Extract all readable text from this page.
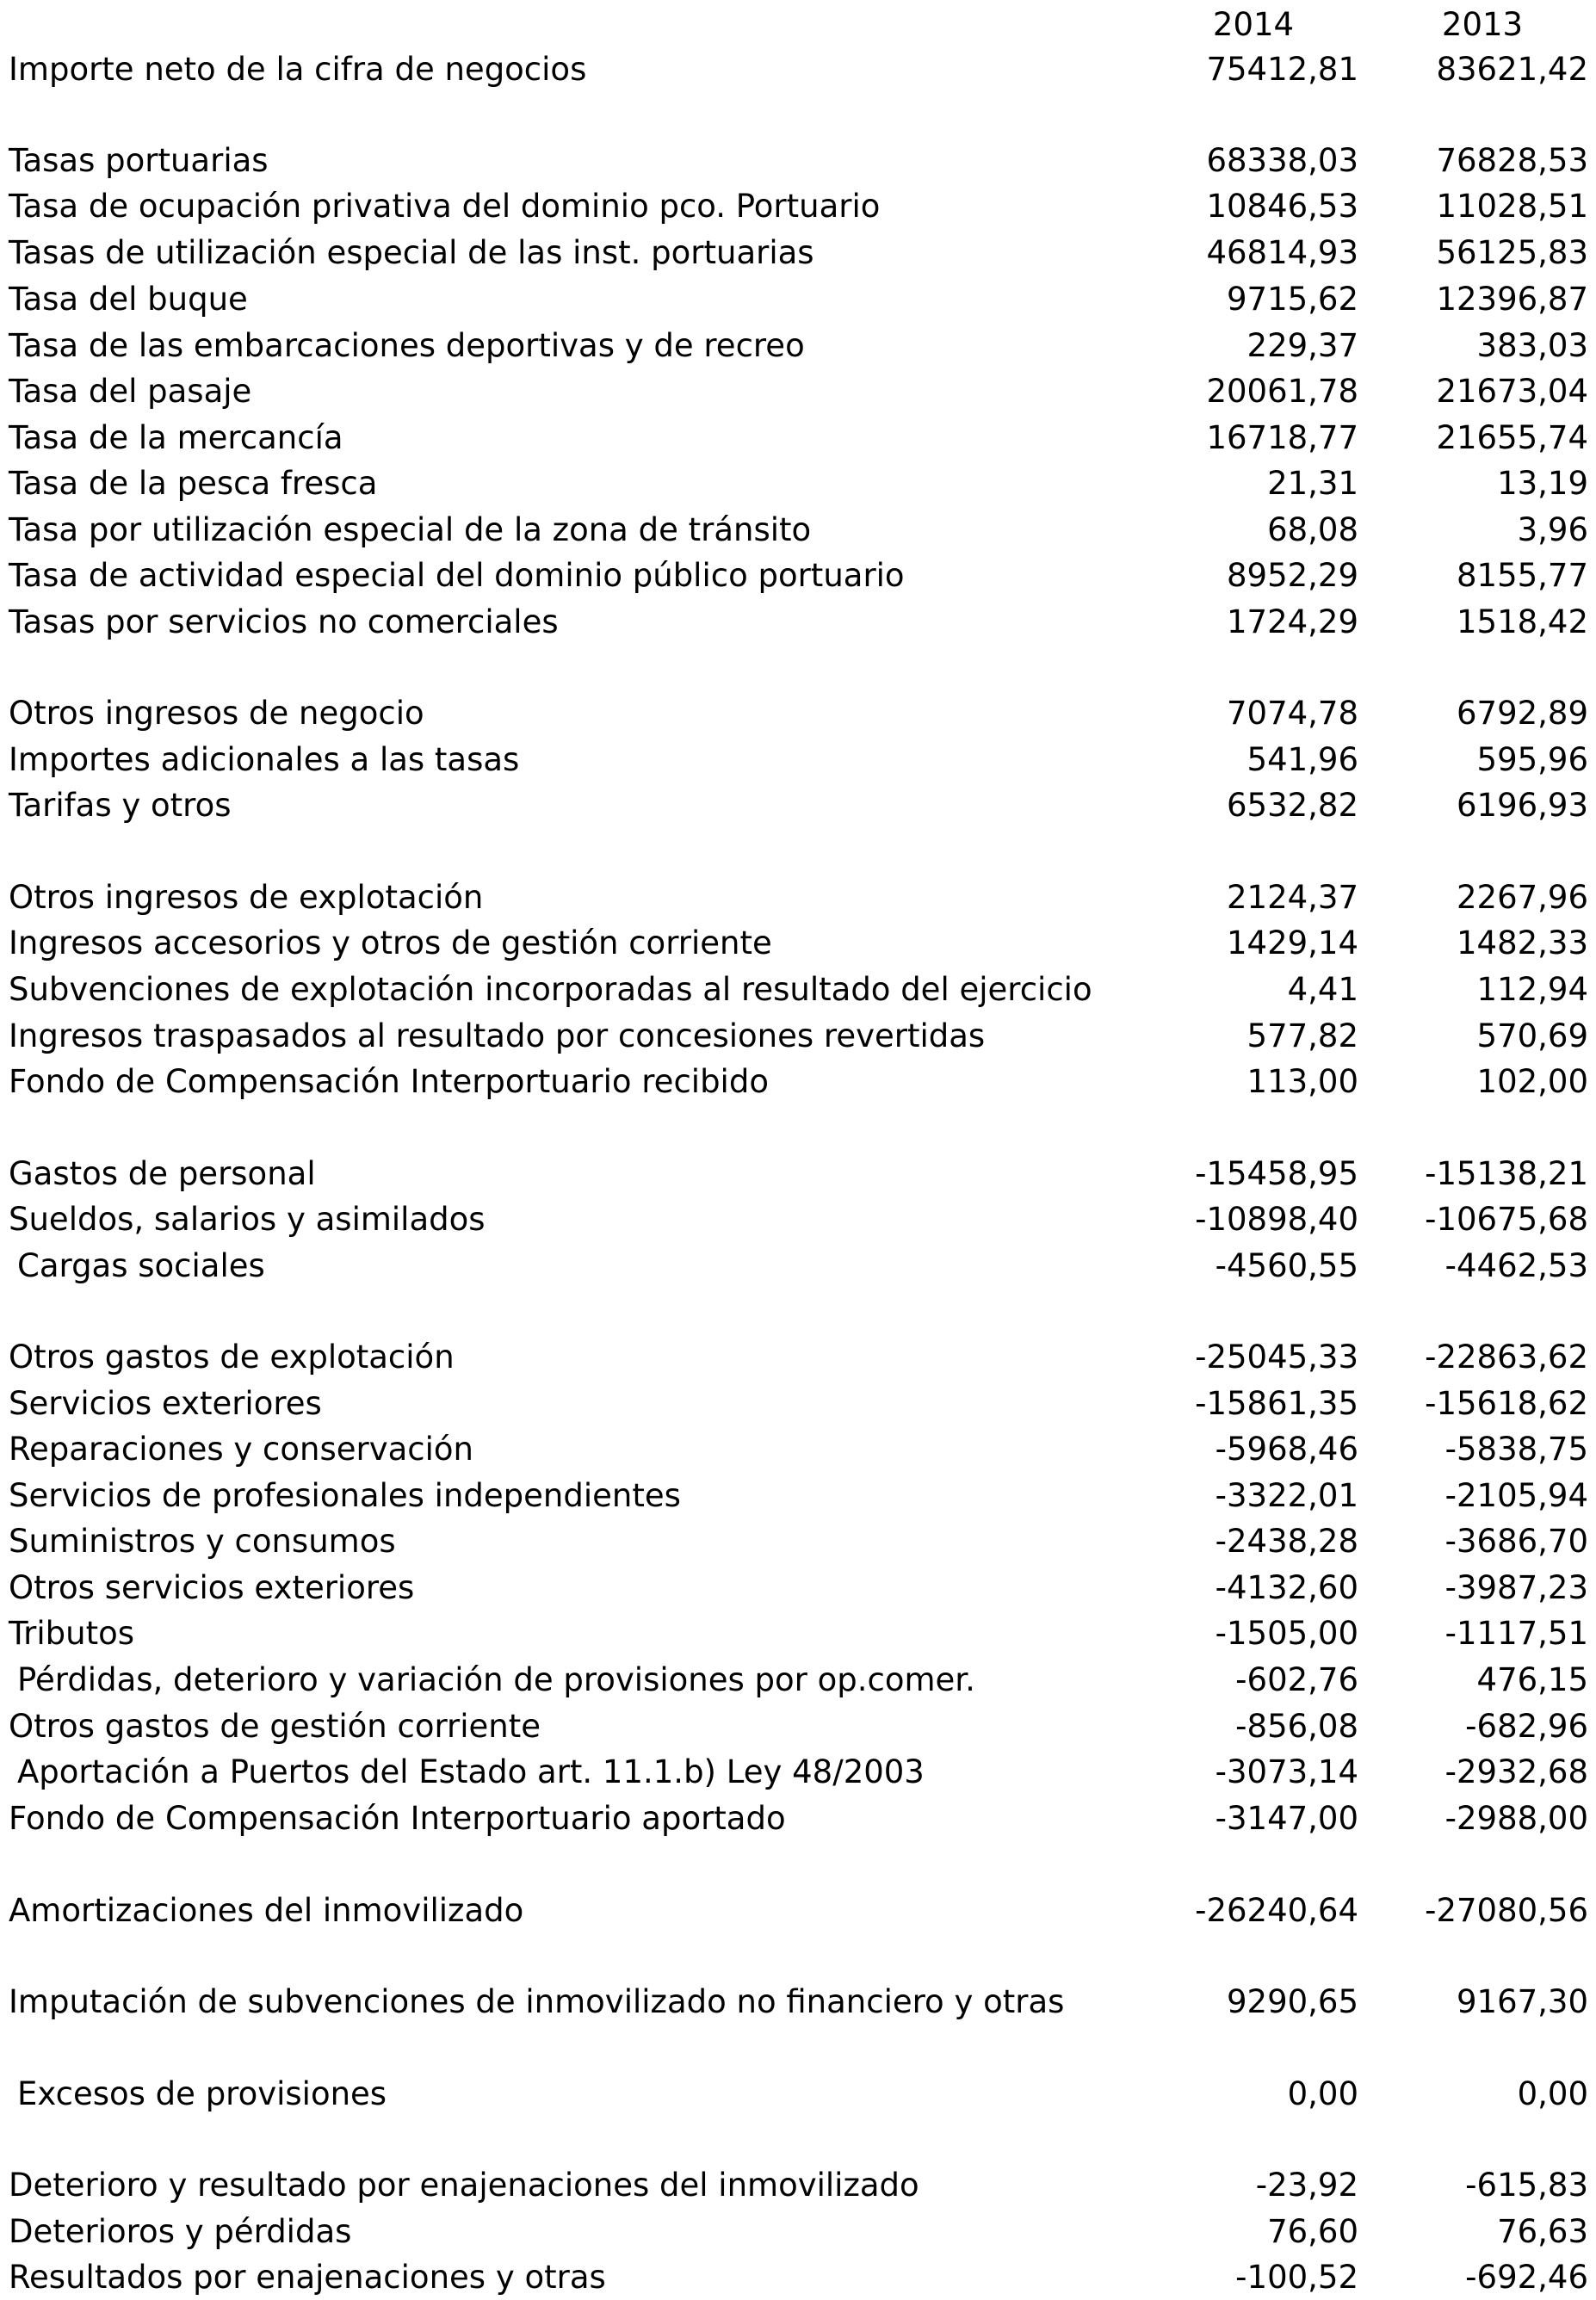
2014	2013
Importe neto de la cifra de negocios	75412,81	83621,42
Tasas portuarias	68338,03	76828,53
Tasa de ocupación privativa del dominio pco. Portuario	10846,53	11028,51
Tasas de utilización especial de las inst. portuarias	46814,93	56125,83
Tasa del buque	9715,62	12396,87
Tasa de las embarcaciones deportivas y de recreo	229,37	383,03
Tasa del pasaje	20061,78	21673,04
Tasa de la mercancía	16718,77	21655,74
Tasa de la pesca fresca	21,31	13,19
Tasa por utilización especial de la zona de tránsito	68,08	3,96
Tasa de actividad especial del dominio público portuario	8952,29	8155,77
Tasas por servicios no comerciales	1724,29	1518,42
Otros ingresos de negocio	7074,78	6792,89
Importes adicionales a las tasas	541,96	595,96
Tarifas y otros	6532,82	6196,93
Otros ingresos de explotación	2124,37	2267,96
Ingresos accesorios y otros de gestión corriente	1429,14	1482,33
Subvenciones de explotación incorporadas al resultado del ejercicio	4,41	112,94
Ingresos traspasados al resultado por concesiones revertidas	577,82	570,69
Fondo de Compensación Interportuario recibido	113,00	102,00
Gastos de personal	-15458,95	-15138,21
Sueldos, salarios y asimilados	-10898,40	-10675,68
Cargas sociales	-4560,55	-4462,53
Otros gastos de explotación	-25045,33	-22863,62
Servicios exteriores	-15861,35	-15618,62
Reparaciones y conservación	-5968,46	-5838,75
Servicios de profesionales independientes	-3322,01	-2105,94
Suministros y consumos	-2438,28	-3686,70
Otros servicios exteriores	-4132,60	-3987,23
Tributos	-1505,00	-1117,51
Pérdidas, deterioro y variación de provisiones por op.comer.	-602,76	476,15
Otros gastos de gestión corriente	-856,08	-682,96
Aportación a Puertos del Estado art. 11.1.b) Ley 48/2003	-3073,14	-2932,68
Fondo de Compensación Interportuario aportado	-3147,00	-2988,00
Amortizaciones del inmovilizado	-26240,64	-27080,56
Imputación de subvenciones de inmovilizado no financiero y otras	9290,65	9167,30
Excesos de provisiones	0,00	0,00
Deterioro y resultado por enajenaciones del inmovilizado	-23,92	-615,83
Deterioros y pérdidas	76,60	76,63
Resultados por enajenaciones y otras	-100,52	-692,46
